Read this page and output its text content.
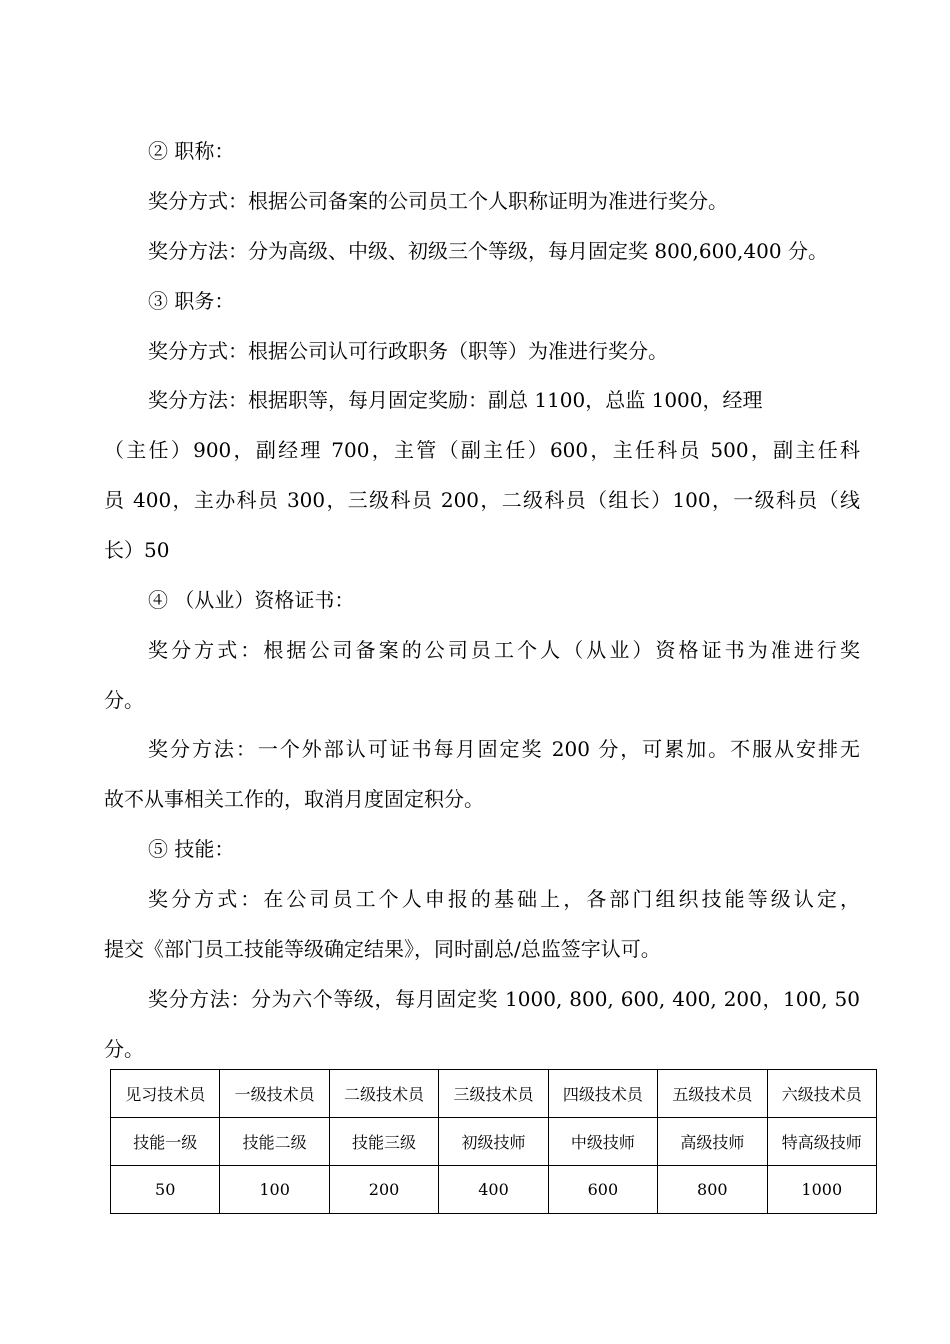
② 职称：
奖分方式：根据公司备案的公司员工个人职称证明为准进行奖分。
奖分方法：分为高级、中级、初级三个等级，每月固定奖 800,600,400 分。
③ 职务：
奖分方式：根据公司认可行政职务（职等）为准进行奖分。
奖分方法：根据职等，每月固定奖励：副总 1100，总监 1000，经理
（主任）900，副经理 700，主管（副主任）600，主任科员 500，副主任科
员 400，主办科员 300，三级科员 200，二级科员（组长）100，一级科员（线
长）50
④ （从业）资格证书：
奖分方式：根据公司备案的公司员工个人（从业）资格证书为准进行奖
分。
奖分方法：一个外部认可证书每月固定奖 200 分，可累加。不服从安排无
故不从事相关工作的，取消月度固定积分。
⑤ 技能：
奖分方式：在公司员工个人申报的基础上，各部门组织技能等级认定，
提交《部门员工技能等级确定结果》，同时副总/总监签字认可。
奖分方法：分为六个等级，每月固定奖 1000, 800, 600, 400, 200，100, 50
分。
见习技术员	一级技术员	二级技术员	三级技术员	四级技术员	五级技术员	六级技术员
技能一级	技能二级	技能三级	初级技师	中级技师	高级技师	特高级技师
50	100	200	400	600	800	1000
